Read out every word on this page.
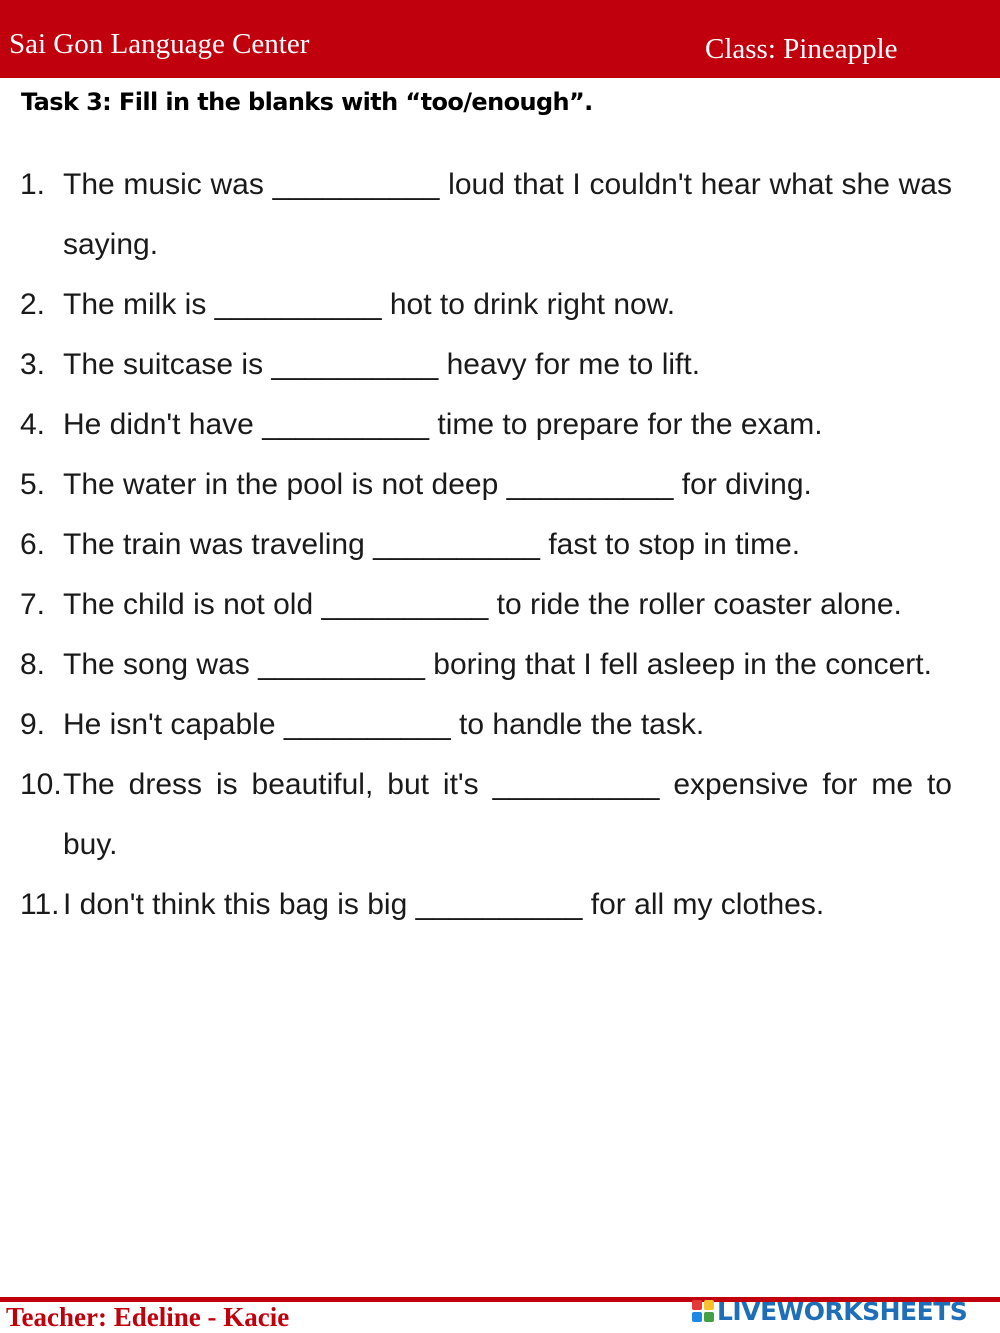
Sai Gon Language Center	Class: Pineapple
Task 3: Fill in the blanks with “too/enough”.
1. The music was __________ loud that I couldn't hear what she was saying.
2. The milk is __________ hot to drink right now.
3. The suitcase is __________ heavy for me to lift.
4. He didn't have __________ time to prepare for the exam.
5. The water in the pool is not deep __________ for diving.
6. The train was traveling __________ fast to stop in time.
7. The child is not old __________ to ride the roller coaster alone.
8. The song was __________ boring that I fell asleep in the concert.
9. He isn't capable __________ to handle the task.
10. The dress is beautiful, but it's __________ expensive for me to buy.
11. I don't think this bag is big __________ for all my clothes.
Teacher: Edeline - Kacie	LIVEWORKSHEETS
